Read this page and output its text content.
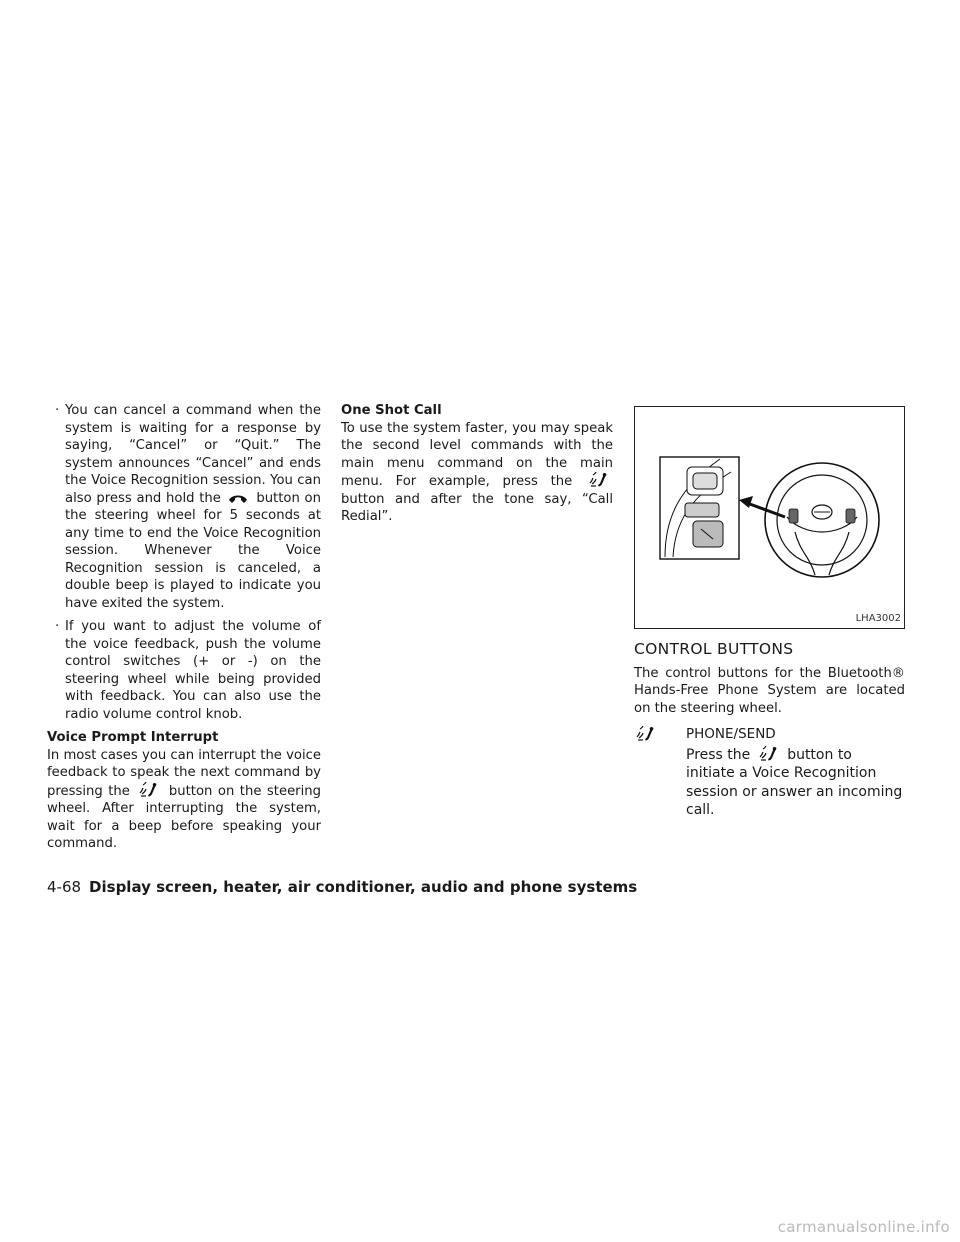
· You can cancel a command when the system is waiting for a response by saying, “Cancel” or “Quit.” The system announces “Cancel” and ends the Voice Recognition session. You can also press and hold the	button on the steering wheel for 5 seconds at any time to end the Voice Recognition session. Whenever the Voice Recognition session is canceled, a double beep is played to indicate you have exited the system.
· If you want to adjust the volume of the voice feedback, push the volume control switches (+ or -) on the steering wheel while being provided with feedback. You can also use the radio volume control knob.

Voice Prompt Interrupt

In most cases you can interrupt the voice feedback to speak the next command by pressing the	button on the steering wheel. After interrupting the system, wait for a beep before speaking your command.

One Shot Call

To use the system faster, you may speak the second level commands with the main menu command on the main menu. For example, press the
button and after the tone say, “Call Redial”.

LHA3002
CONTROL BUTTONS

The control buttons for the Bluetooth® Hands-Free Phone System are located on the steering wheel.

PHONE/SEND
Press the	button to initiate a Voice Recognition session or answer an incoming call.
4-68 Display screen, heater, air conditioner, audio and phone systems
carmanualsonline.info
